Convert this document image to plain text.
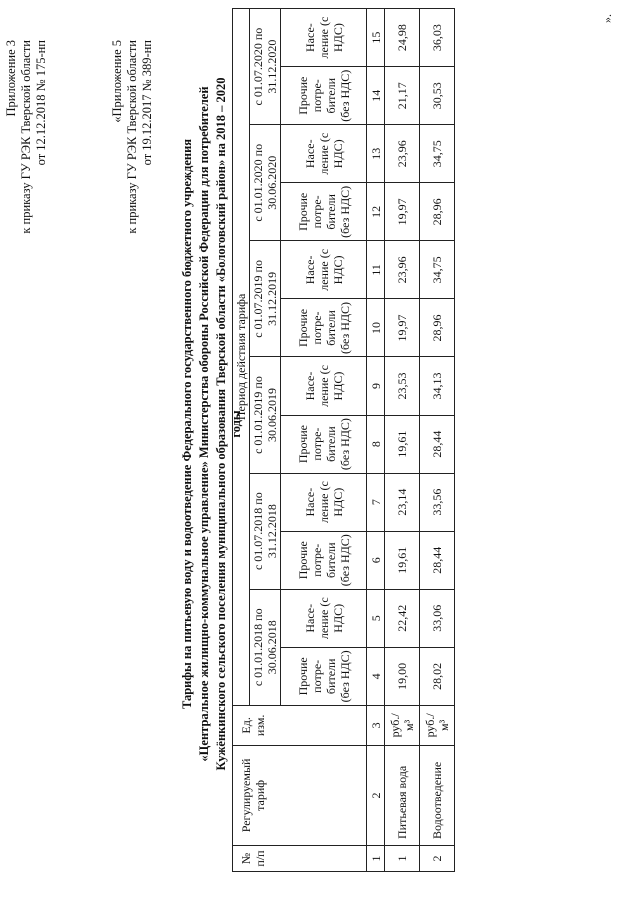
Приложение 3 к приказу ГУ РЭК Тверской области от 12.12.2018 № 175-нп	«Приложение 5 к приказу ГУ РЭК Тверской области от 19.12.2017 № 389-нп
Тарифы на питьевую воду и водоотведение Федерального государственного бюджетного учреждения «Центральное жилищно-коммунальное управление» Министерства обороны Российской Федерации для потребителей Кужёнкинского сельского поселения муниципального образования Тверской области «Бологовский район» на 2018 – 2020 годы
№ п/п	Регулируемый тариф	Ед. изм.	Период действия тарифа											
			с 01.01.2018 по 30.06.2018		с 01.07.2018 по 31.12.2018		с 01.01.2019 по 30.06.2019		с 01.07.2019 по 31.12.2019		с 01.01.2020 по 30.06.2020		с 01.07.2020 по 31.12.2020	
			Прочие потре-бители (без НДС)	Насе-ление (с НДС)	Прочие потре-бители (без НДС)	Насе-ление (с НДС)	Прочие потре-бители (без НДС)	Насе-ление (с НДС)	Прочие потре-бители (без НДС)	Насе-ление (с НДС)	Прочие потре-бители (без НДС)	Насе-ление (с НДС)	Прочие потре-бители (без НДС)	Насе-ление (с НДС)
1	2	3	4	5	6	7	8	9	10	11	12	13	14	15
1	Питьевая вода	руб./м³	19,00	22,42	19,61	23,14	19,61	23,53	19,97	23,96	19,97	23,96	21,17	24,98
2	Водоотведение	руб./м³	28,02	33,06	28,44	33,56	28,44	34,13	28,96	34,75	28,96	34,75	30,53	36,03
».
